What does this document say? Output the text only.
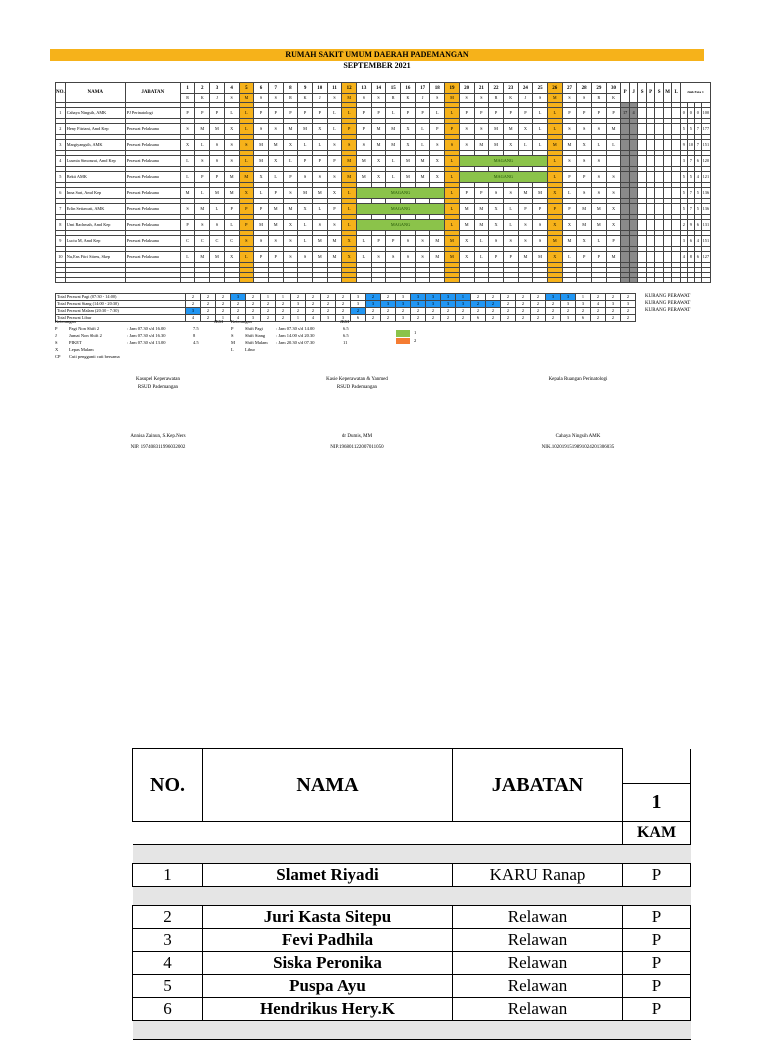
RUMAH SAKIT UMUM DAERAH PADEMANGAN
SEPTEMBER 2021
NO.	NAMA	JABATAN	1	2	3	4	5	6	7	8	9	10	11	12	13	14	15	16	17	18	19	20	21	22	23	24	25	26	27	28	29	30	P	J	S	P	S	M	L	Jmh Esta 1			
			R	K	J	S	M	S	S	R	K	J	S	M	S	S	R	K	J	S	M	S	S	R	K	J	S	M	S	S	R	K											

1	Cahaya Ningsih, AMK	PJ Perinatologi	P	P	P	L	L	P	P	P	P	P	L	L	P	P	L	P	P	L	L	P	P	P	P	P	L	L	P	P	P	P	17	4						0	0	0	100

2	Heny Fitriani, Amd Kep	Perawat Pelaksana	S	M	M	X	L	S	S	M	M	X	L	P	P	M	M	X	L	P	P	S	S	M	M	X	L	L	S	S	S	M								5	5	7	177

3	Margiyangsih, AMK	Perawat Pelaksana	X	L	S	S	S	M	M	X	L	L	S	S	S	M	M	X	L	S	S	S	M	M	X	L	L	M	M	X	L	L								9	10	7	151

4	Lusmia Simonzai, Amd Kep	Perawat Pelaksana	L	S	S	S	L	M	X	L	P	P	P	M	M	X	L	M	M	X	L	MAGANG						L	S	S	S									3	7	6	120

5	Bekti AMK	Perawat Pelaksana	L	P	P	M	M	X	L	P	S	S	S	M	M	X	L	M	M	X	L	MAGANG						L	P	P	S	S								5	5	4	121

6	Inna Sari, Amd Kep	Perawat Pelaksana	M	L	M	M	X	L	P	S	M	M	X	L	MAGANG						L	P	P	S	S	M	M	X	L	S	S	S								5	7	5	136

7	Erlin Setiawati, AMK	Perawat Pelaksana	S	M	L	P	P	P	M	M	X	L	P	L	MAGANG						L	M	M	X	L	P	P	P	P	M	M	X								5	7	5	136

8	Umi Rachmah, Amd Kep	Perawat Pelaksana	P	S	S	L	P	M	M	X	L	S	S	L	MAGANG						L	M	M	X	L	S	S	X	X	M	M	X								2	9	6	131

9	Luciu M, Amd Kep	Perawat Pelaksana	C	C	C	C	S	S	S	S	L	M	M	X	L	P	P	S	S	M	M	X	L	S	S	S	S	M	M	X	L	P								3	6	4	151

10	Nu,Ens Fitri Sitreu, Skep	Perawat Pelaksana	L	M	M	X	L	P	P	S	S	M	M	X	L	S	S	S	S	M	M	X	L	P	P	M	M	X	L	P	P	M								4	8	6	127

Total Perawat Pagi (07:30 - 14:00)	2	2	2	3	2	1	1	2	2	2	2	3	2	2	3	3	3	3	1	2	2	2	2	2	3	3	1	2	2	2
Total Perawat Siang (14:00 - 20:30)	2	2	2	2	2	2	2	3	2	2	2	3	3	3	3	3	3	3	3	2	2	2	2	2	2	3	3	4	3	3
Total Perawat Malam (20:30 - 7:30)	3	2	2	2	2	2	2	2	2	2	2	2	2	2	2	2	2	2	2	2	2	2	2	2	2	2	2	2	2	2
Total Perawat Libur	4	2	1	4	3	2	2	1	4	3	3	6	2	2	3	2	2	2	2	6	2	2	2	2	2	3	6	2	2	2
KURANG PERAWAT
KURANG PERAWAT
KURANG PERAWAT
Keterangan
P	Pagi Non Shift 2	: Jam 07.30 s/d 16.00	7.5
J	Jumat Non Shift 2	: Jam 07.30 s/d 16.30	8
S	PIKET	: Jam 07.30 s/d 13.00	4.5
X Lepas Malam
CP Cuti pengganti cuti bersama
JKM Keterangan
P	Shift Pagi	: Jam 07.30 s/d 14.00	6.5
S	Shift Siang : Jam 14.00 s/d 20.30	6.5
M Shift Malam : Jam 20.30 s/d 07.30	11
L	Libur
JKM
1
2
Kasupel Keperawatan
RSUD Pademangan
Annisa Zainun, S.Kep.Ners
NIP. 197408311996032002
Kasie Keperawatan & Yanmed
RSUD Pademangan
dr Dumis, MM
NIP.196801122007011050
Kepala Ruangan Perinatologi
Cahaya Ningsih AMK
NIK.1020191519891024201306035
NO.	NAMA	JABATAN	
			1
			KAM

1	Slamet Riyadi	KARU Ranap	P

2	Juri Kasta Sitepu	Relawan	P
3	Fevi Padhila	Relawan	P
4	Siska Peronika	Relawan	P
5	Puspa Ayu	Relawan	P
6	Hendrikus Hery.K	Relawan	P
